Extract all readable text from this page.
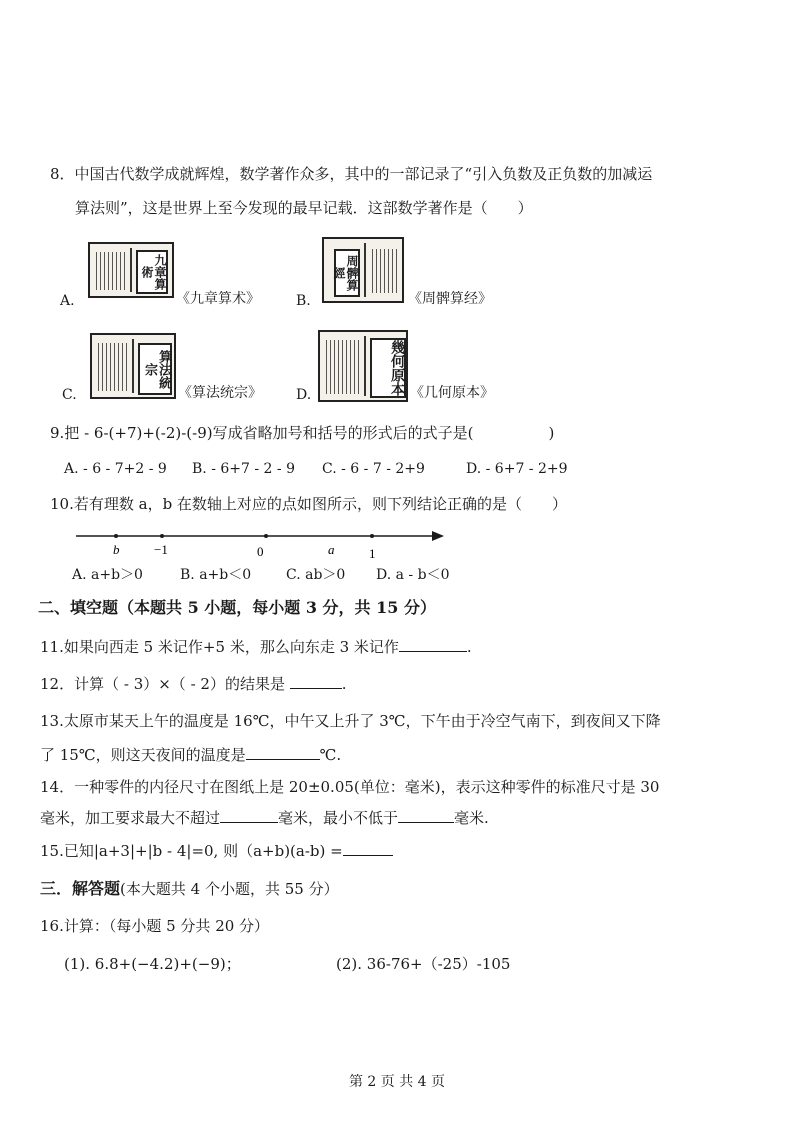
8．中国古代数学成就辉煌，数学著作众多，其中的一部记录了“引入负数及正负数的加减运
算法则”，这是世界上至今发现的最早记载．这部数学著作是（　　）
九章算術
A.	《九章算术》
周髀算經
B.	《周髀算经》
算法統宗
C.	《算法统宗》	幾何原本
D.	《几何原本》
9.把 - 6-(+7)+(-2)-(-9)写成省略加号和括号的形式后的式子是(　　　　　)
A. - 6 - 7+2 - 9 B. - 6+7 - 2 - 9 C. - 6 - 7 - 2+9	D. - 6+7 - 2+9
10.若有理数 a，b 在数轴上对应的点如图所示，则下列结论正确的是（　　）
b	−1	0	a	1
A. a+b＞0	B. a+b＜0 C. ab＞0 D. a - b＜0
二、填空题（本题共 5 小题，每小题 3 分，共 15 分）
11.如果向西走 5 米记作+5 米，那么向东走 3 米记作	.
12．计算（ - 3）×（ - 2）的结果是	.
13.太原市某天上午的温度是 16℃，中午又上升了 3℃，下午由于冷空气南下，到夜间又下降
了 15℃，则这天夜间的温度是	℃.
14．一种零件的内径尺寸在图纸上是 20±0.05(单位：毫米)，表示这种零件的标准尺寸是 30
毫米，加工要求最大不超过	毫米，最小不低于	毫米.
15.已知|a+3|+|b - 4|=0, 则（a+b)(a-b) =
三．解答题(本大题共 4 个小题，共 55 分）
16.计算：（每小题 5 分共 20 分）
(1). 6.8+(−4.2)+(−9)；	(2). 36-76+（-25）-105
第 2 页 共 4 页
